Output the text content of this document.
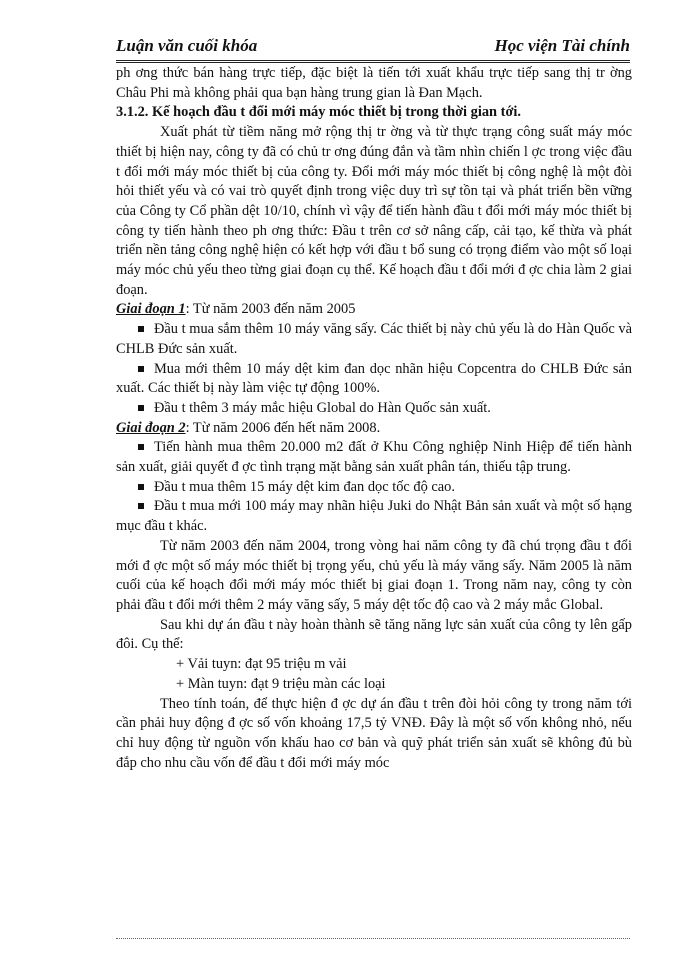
Luận văn cuối khóa	Học viện Tài chính

ph ơng thức bán hàng trực tiếp, đặc biệt là tiến tới xuất khẩu trực tiếp sang thị tr ờng Châu Phi mà không phải qua bạn hàng trung gian là Đan Mạch.

3.1.2. Kế hoạch đầu t đổi mới máy móc thiết bị trong thời gian tới.

Xuất phát từ tiềm năng mở rộng thị tr ờng và từ thực trạng công suất máy móc thiết bị hiện nay, công ty đã có chủ tr ơng đúng đắn và tầm nhìn chiến l ợc trong việc đầu t đổi mới máy móc thiết bị của công ty. Đổi mới máy móc thiết bị công nghệ là một đòi hỏi thiết yếu và có vai trò quyết định trong việc duy trì sự tồn tại và phát triển bền vững của Công ty Cổ phần dệt 10/10, chính vì vậy để tiến hành đầu t đổi mới máy móc thiết bị công ty tiến hành theo ph ơng thức: Đầu t trên cơ sở nâng cấp, cải tạo, kế thừa và phát triển nền tảng công nghệ hiện có kết hợp với đầu t bổ sung có trọng điểm vào một số loại máy móc chủ yếu theo từng giai đoạn cụ thể. Kế hoạch đầu t đổi mới đ ợc chia làm 2 giai đoạn.

Giai đoạn 1: Từ năm 2003 đến năm 2005

Đầu t mua sắm thêm 10 máy văng sấy. Các thiết bị này chủ yếu là do Hàn Quốc và CHLB Đức sản xuất.

Mua mới thêm 10 máy dệt kim đan dọc nhãn hiệu Copcentra do CHLB Đức sản xuất. Các thiết bị này làm việc tự động 100%.

Đầu t thêm 3 máy mắc hiệu Global do Hàn Quốc sản xuất.

Giai đoạn 2: Từ năm 2006 đến hết năm 2008.

Tiến hành mua thêm 20.000 m2 đất ở Khu Công nghiệp Ninh Hiệp để tiến hành sản xuất, giải quyết đ ợc tình trạng mặt bằng sản xuất phân tán, thiếu tập trung.

Đầu t mua thêm 15 máy dệt kim đan dọc tốc độ cao.

Đầu t mua mới 100 máy may nhãn hiệu Juki do Nhật Bản sản xuất và một số hạng mục đầu t khác.

Từ năm 2003 đến năm 2004, trong vòng hai năm công ty đã chú trọng đầu t đổi mới đ ợc một số máy móc thiết bị trọng yếu, chủ yếu là máy văng sấy. Năm 2005 là năm cuối của kế hoạch đổi mới máy móc thiết bị giai đoạn 1. Trong năm nay, công ty còn phải đầu t đổi mới thêm 2 máy văng sấy, 5 máy dệt tốc độ cao và 2 máy mắc Global.

Sau khi dự án đầu t này hoàn thành sẽ tăng năng lực sản xuất của công ty lên gấp đôi. Cụ thể:

+ Vải tuyn: đạt 95 triệu m vải

+ Màn tuyn: đạt 9 triệu màn các loại

Theo tính toán, để thực hiện đ ợc dự án đầu t trên đòi hỏi công ty trong năm tới cần phải huy động đ ợc số vốn khoảng 17,5 tỷ VNĐ. Đây là một số vốn không nhỏ, nếu chỉ huy động từ nguồn vốn khấu hao cơ bản và quỹ phát triển sản xuất sẽ không đủ bù đắp cho nhu cầu vốn để đầu t đổi mới máy móc
